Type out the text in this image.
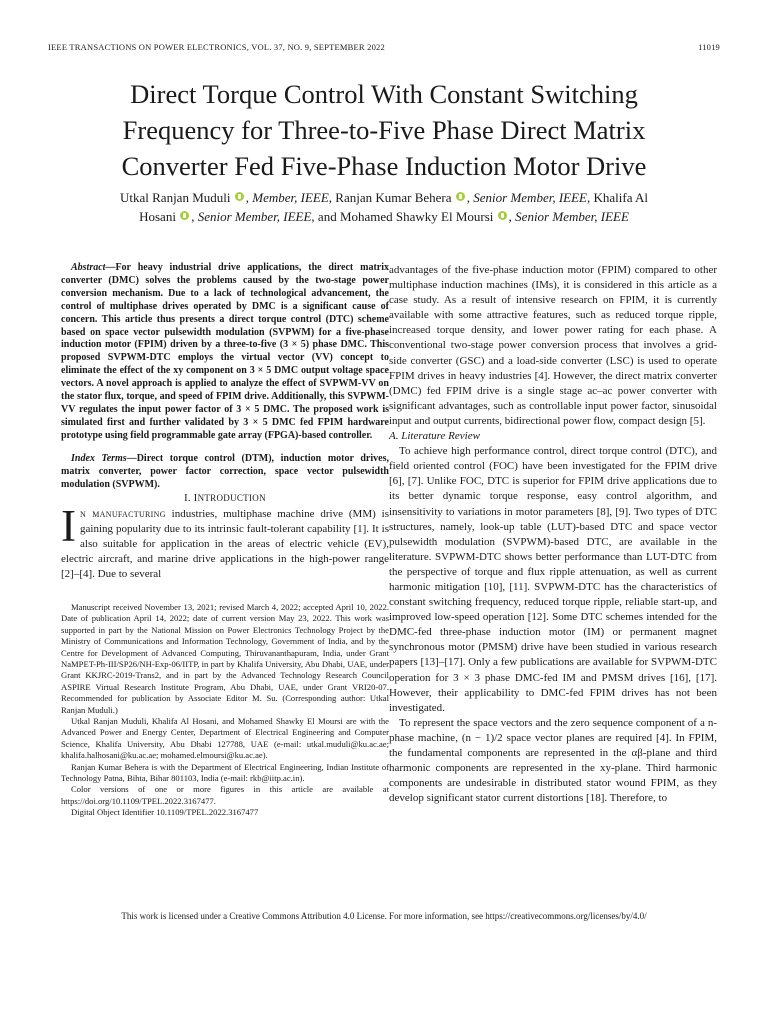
IEEE TRANSACTIONS ON POWER ELECTRONICS, VOL. 37, NO. 9, SEPTEMBER 2022	11019
Direct Torque Control With Constant Switching
Frequency for Three-to-Five Phase Direct Matrix
Converter Fed Five-Phase Induction Motor Drive

Utkal Ranjan Muduli , Member, IEEE, Ranjan Kumar Behera , Senior Member, IEEE, Khalifa Al
Hosani , Senior Member, IEEE, and Mohamed Shawky El Moursi , Senior Member, IEEE

Abstract—For heavy industrial drive applications, the direct matrix converter (DMC) solves the problems caused by the two-stage power conversion mechanism. Due to a lack of technological advancement, the control of multiphase drives operated by DMC is a significant cause of concern. This article thus presents a direct torque control (DTC) scheme based on space vector pulsewidth modulation (SVPWM) for a five-phase induction motor (FPIM) driven by a three-to-five (3 × 5) phase DMC. This proposed SVPWM-DTC employs the virtual vector (VV) concept to eliminate the effect of the xy component on 3 × 5 DMC output voltage space vectors. A novel approach is applied to analyze the effect of SVPWM-VV on the stator flux, torque, and speed of FPIM drive. Additionally, this SVPWM-VV regulates the input power factor of 3 × 5 DMC. The proposed work is simulated first and further validated by 3 × 5 DMC fed FPIM hardware prototype using field programmable gate array (FPGA)-based controller.

Index Terms—Direct torque control (DTM), induction motor drives, matrix converter, power factor correction, space vector pulsewidth modulation (SVPWM).

I. INTRODUCTION

In manufacturing industries, multiphase machine drive (MM) is gaining popularity due to its intrinsic fault-tolerant capability [1]. It is also suitable for application in the areas of electric vehicle (EV), electric aircraft, and marine drive applications in the high-power range [2]–[4]. Due to several

Manuscript received November 13, 2021; revised March 4, 2022; accepted April 10, 2022. Date of publication April 14, 2022; date of current version May 23, 2022. This work was supported in part by the National Mission on Power Electronics Technology Project by the Ministry of Communications and Information Technology, Government of India, and by the Centre for Development of Advanced Computing, Thiruvananthapuram, India, under Grant NaMPET-Ph-III/SP26/NH-Exp-06/IITP, in part by Khalifa University, Abu Dhabi, UAE, under Grant KKJRC-2019-Trans2, and in part by the Advanced Technology Research Council ASPIRE Virtual Research Institute Program, Abu Dhabi, UAE, under Grant VRI20-07. Recommended for publication by Associate Editor M. Su. (Corresponding author: Utkal Ranjan Muduli.)

Utkal Ranjan Muduli, Khalifa Al Hosani, and Mohamed Shawky El Moursi are with the Advanced Power and Energy Center, Department of Electrical Engineering and Computer Science, Khalifa University, Abu Dhabi 127788, UAE (e-mail: utkal.muduli@ku.ac.ae; khalifa.halhosani@ku.ac.ae; mohamed.elmoursi@ku.ac.ae).

Ranjan Kumar Behera is with the Department of Electrical Engineering, Indian Institute of Technology Patna, Bihta, Bihar 801103, India (e-mail: rkb@iitp.ac.in).

Color versions of one or more figures in this article are available at https://doi.org/10.1109/TPEL.2022.3167477.

Digital Object Identifier 10.1109/TPEL.2022.3167477

advantages of the five-phase induction motor (FPIM) compared to other multiphase induction machines (IMs), it is considered in this article as a case study. As a result of intensive research on FPIM, it is currently available with some attractive features, such as reduced torque ripple, increased torque density, and lower power rating for each phase. A conventional two-stage power conversion process that involves a grid-side converter (GSC) and a load-side converter (LSC) is used to operate FPIM drives in heavy industries [4]. However, the direct matrix converter (DMC) fed FPIM drive is a single stage ac–ac power converter with significant advantages, such as controllable input power factor, sinusoidal input and output currents, bidirectional power flow, compact design [5].

A. Literature Review

To achieve high performance control, direct torque control (DTC), and field oriented control (FOC) have been investigated for the FPIM drive [6], [7]. Unlike FOC, DTC is superior for FPIM drive applications due to its better dynamic torque response, easy control algorithm, and insensitivity to variations in motor parameters [8], [9]. Two types of DTC structures, namely, look-up table (LUT)-based DTC and space vector pulsewidth modulation (SVPWM)-based DTC, are available in the literature. SVPWM-DTC shows better performance than LUT-DTC from the perspective of torque and flux ripple attenuation, as well as current harmonic mitigation [10], [11]. SVPWM-DTC has the characteristics of constant switching frequency, reduced torque ripple, reliable start-up, and improved low-speed operation [12]. Some DTC schemes intended for the DMC-fed three-phase induction motor (IM) or permanent magnet synchronous motor (PMSM) drive have been studied in various research papers [13]–[17]. Only a few publications are available for SVPWM-DTC operation for 3 × 3 phase DMC-fed IM and PMSM drives [16], [17]. However, their applicability to DMC-fed FPIM drives has not been investigated.

To represent the space vectors and the zero sequence component of a n-phase machine, (n − 1)/2 space vector planes are required [4]. In FPIM, the fundamental components are represented in the αβ-plane and third harmonic components are represented in the xy-plane. Third harmonic components are undesirable in distributed stator wound FPIM, as they develop significant stator current distortions [18]. Therefore, to

This work is licensed under a Creative Commons Attribution 4.0 License. For more information, see https://creativecommons.org/licenses/by/4.0/
